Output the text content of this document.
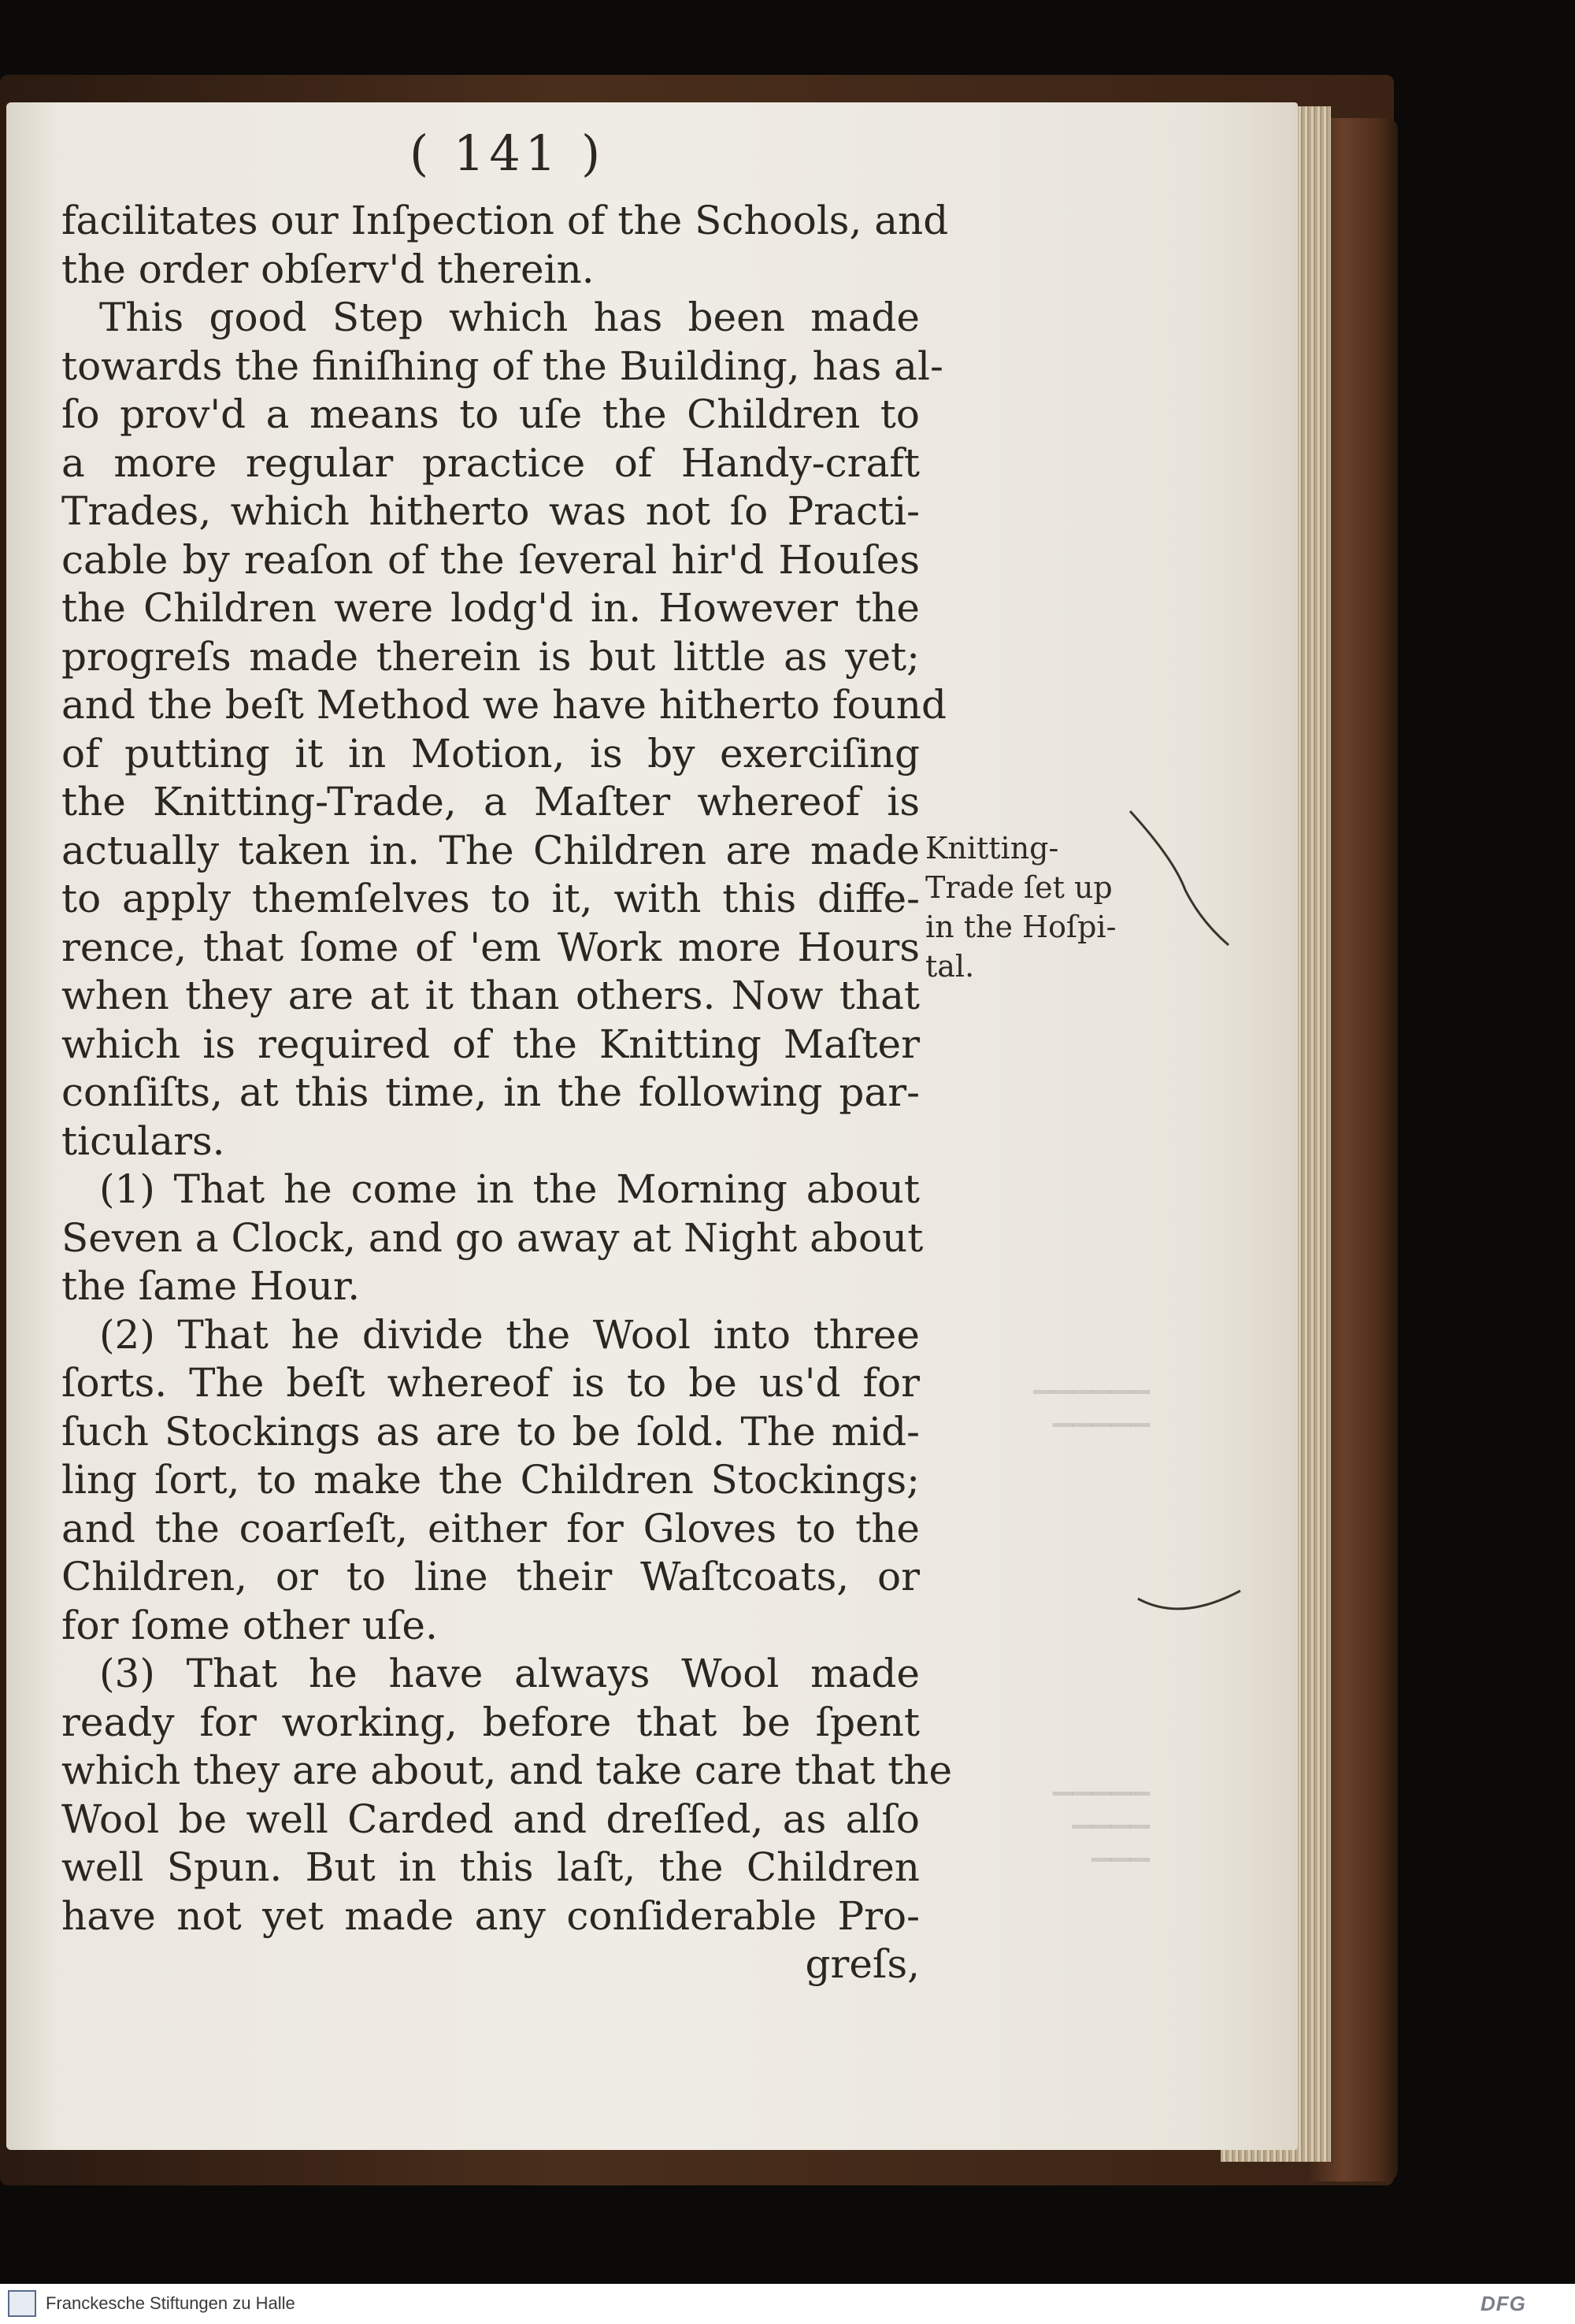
▁▁▁▁▁▁
▁▁▁▁▁
▁▁▁▁▁
▁▁▁▁
▁▁▁
( 141 )
facilitates our Inſpection of the Schools, and
the order obſerv'd therein.
This good Step which has been made
towards the finiſhing of the Building, has al-
ſo prov'd a means to uſe the Children to
a more regular practice of Handy-craft
Trades, which hitherto was not ſo Practi-
cable by reaſon of the ſeveral hir'd Houſes
the Children were lodg'd in. However the
progreſs made therein is but little as yet;
and the beſt Method we have hitherto found
of putting it in Motion, is by exerciſing
the Knitting-Trade, a Maſter whereof is
actually taken in. The Children are made
to apply themſelves to it, with this diffe-
rence, that ſome of 'em Work more Hours
when they are at it than others. Now that
which is required of the Knitting Maſter
conſiſts, at this time, in the following par-
ticulars.
(1) That he come in the Morning about
Seven a Clock, and go away at Night about
the ſame Hour.
(2) That he divide the Wool into three
ſorts. The beſt whereof is to be us'd for
ſuch Stockings as are to be ſold. The mid-
ling ſort, to make the Children Stockings;
and the coarſeſt, either for Gloves to the
Children, or to line their Waſtcoats, or
for ſome other uſe.
(3) That he have always Wool made
ready for working, before that be ſpent
which they are about, and take care that the
Wool be well Carded and dreſſed, as alſo
well Spun. But in this laſt, the Children
have not yet made any conſiderable Pro-
greſs,
Knitting-
Trade ſet up
in the Hoſpi-
tal.
Franckesche Stiftungen zu Halle	DFG
